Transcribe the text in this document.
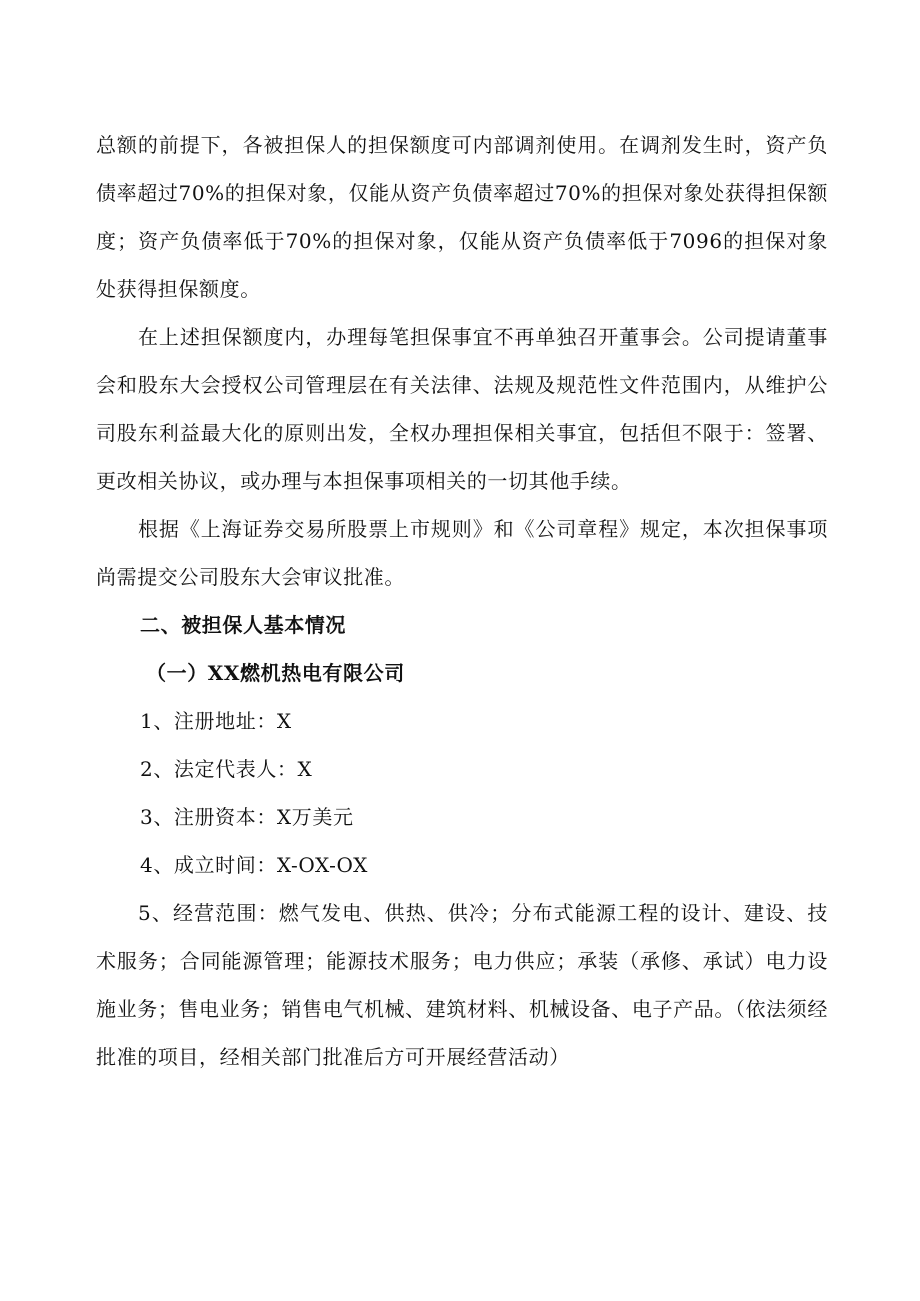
总额的前提下，各被担保人的担保额度可内部调剂使用。在调剂发生时，资产负债率超过70%的担保对象，仅能从资产负债率超过70%的担保对象处获得担保额度；资产负债率低于70%的担保对象，仅能从资产负债率低于7096的担保对象处获得担保额度。

在上述担保额度内，办理每笔担保事宜不再单独召开董事会。公司提请董事会和股东大会授权公司管理层在有关法律、法规及规范性文件范围内，从维护公司股东利益最大化的原则出发，全权办理担保相关事宜，包括但不限于：签署、更改相关协议，或办理与本担保事项相关的一切其他手续。

根据《上海证券交易所股票上市规则》和《公司章程》规定，本次担保事项尚需提交公司股东大会审议批准。

二、被担保人基本情况

（一）XX燃机热电有限公司

1、注册地址：X

2、法定代表人：X

3、注册资本：X万美元

4、成立时间：X-OX-OX

5、经营范围：燃气发电、供热、供冷；分布式能源工程的设计、建设、技术服务；合同能源管理；能源技术服务；电力供应；承装（承修、承试）电力设施业务；售电业务；销售电气机械、建筑材料、机械设备、电子产品。（依法须经批准的项目，经相关部门批准后方可开展经营活动）
